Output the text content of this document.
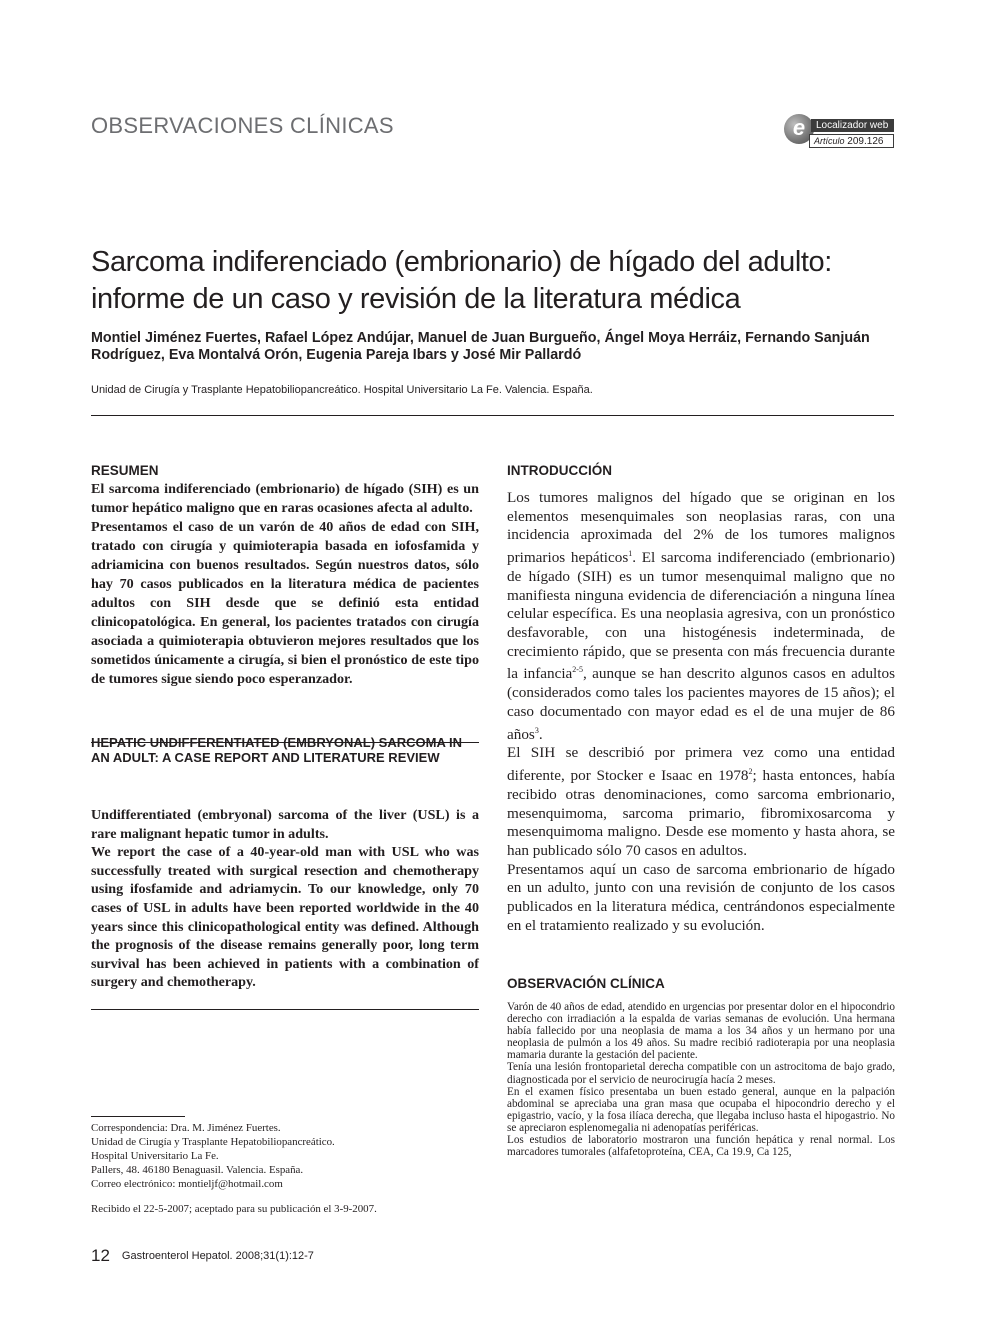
OBSERVACIONES CLÍNICAS	e	Localizador web
Artículo 209.126
Sarcoma indiferenciado (embrionario) de hígado del adulto: informe de un caso y revisión de la literatura médica
Montiel Jiménez Fuertes, Rafael López Andújar, Manuel de Juan Burgueño, Ángel Moya Herráiz, Fernando Sanjuán Rodríguez, Eva Montalvá Orón, Eugenia Pareja Ibars y José Mir Pallardó
Unidad de Cirugía y Trasplante Hepatobiliopancreático. Hospital Universitario La Fe. Valencia. España.
RESUMEN

El sarcoma indiferenciado (embrionario) de hígado (SIH) es un tumor hepático maligno que en raras ocasiones afecta al adulto.

Presentamos el caso de un varón de 40 años de edad con SIH, tratado con cirugía y quimioterapia basada en iofosfamida y adriamicina con buenos resultados. Según nuestros datos, sólo hay 70 casos publicados en la literatura médica de pacientes adultos con SIH desde que se definió esta entidad clinicopatológica. En general, los pacientes tratados con cirugía asociada a quimioterapia obtuvieron mejores resultados que los sometidos únicamente a cirugía, si bien el pronóstico de este tipo de tumores sigue siendo poco esperanzador.

HEPATIC UNDIFFERENTIATED (EMBRYONAL) SARCOMA IN AN ADULT: A CASE REPORT AND LITERATURE REVIEW

Undifferentiated (embryonal) sarcoma of the liver (USL) is a rare malignant hepatic tumor in adults.

We report the case of a 40-year-old man with USL who was successfully treated with surgical resection and chemotherapy using ifosfamide and adriamycin. To our knowledge, only 70 cases of USL in adults have been reported worldwide in the 40 years since this clinicopathological entity was defined. Although the prognosis of the disease remains generally poor, long term survival has been achieved in patients with a combination of surgery and chemotherapy.

Correspondencia: Dra. M. Jiménez Fuertes.
Unidad de Cirugía y Trasplante Hepatobiliopancreático.
Hospital Universitario La Fe.
Pallers, 48. 46180 Benaguasil. Valencia. España.
Correo electrónico: montieljf@hotmail.com
Recibido el 22-5-2007; aceptado para su publicación el 3-9-2007.
INTRODUCCIÓN

Los tumores malignos del hígado que se originan en los elementos mesenquimales son neoplasias raras, con una incidencia aproximada del 2% de los tumores malignos primarios hepáticos$^1$. El sarcoma indiferenciado (embrionario) de hígado (SIH) es un tumor mesenquimal maligno que no manifiesta ninguna evidencia de diferenciación a ninguna línea celular específica. Es una neoplasia agresiva, con un pronóstico desfavorable, con una histogénesis indeterminada, de crecimiento rápido, que se presenta con más frecuencia durante la infancia$^{2-5}$, aunque se han descrito algunos casos en adultos (considerados como tales los pacientes mayores de 15 años); el caso documentado con mayor edad es el de una mujer de 86 años$^3$.

El SIH se describió por primera vez como una entidad diferente, por Stocker e Isaac en 1978$^2$; hasta entonces, había recibido otras denominaciones, como sarcoma embrionario, mesenquimoma, sarcoma primario, fibromixosarcoma y mesenquimoma maligno. Desde ese momento y hasta ahora, se han publicado sólo 70 casos en adultos.

Presentamos aquí un caso de sarcoma embrionario de hígado en un adulto, junto con una revisión de conjunto de los casos publicados en la literatura médica, centrándonos especialmente en el tratamiento realizado y su evolución.

OBSERVACIÓN CLÍNICA

Varón de 40 años de edad, atendido en urgencias por presentar dolor en el hipocondrio derecho con irradiación a la espalda de varias semanas de evolución. Una hermana había fallecido por una neoplasia de mama a los 34 años y un hermano por una neoplasia de pulmón a los 49 años. Su madre recibió radioterapia por una neoplasia mamaria durante la gestación del paciente.

Tenía una lesión frontoparietal derecha compatible con un astrocitoma de bajo grado, diagnosticada por el servicio de neurocirugía hacía 2 meses.

En el examen físico presentaba un buen estado general, aunque en la palpación abdominal se apreciaba una gran masa que ocupaba el hipocondrio derecho y el epigastrio, vacío, y la fosa ilíaca derecha, que llegaba incluso hasta el hipogastrio. No se apreciaron esplenomegalia ni adenopatías periféricas.

Los estudios de laboratorio mostraron una función hepática y renal normal. Los marcadores tumorales (alfafetoproteína, CEA, Ca 19.9, Ca 125,

12 Gastroenterol Hepatol. 2008;31(1):12-7
